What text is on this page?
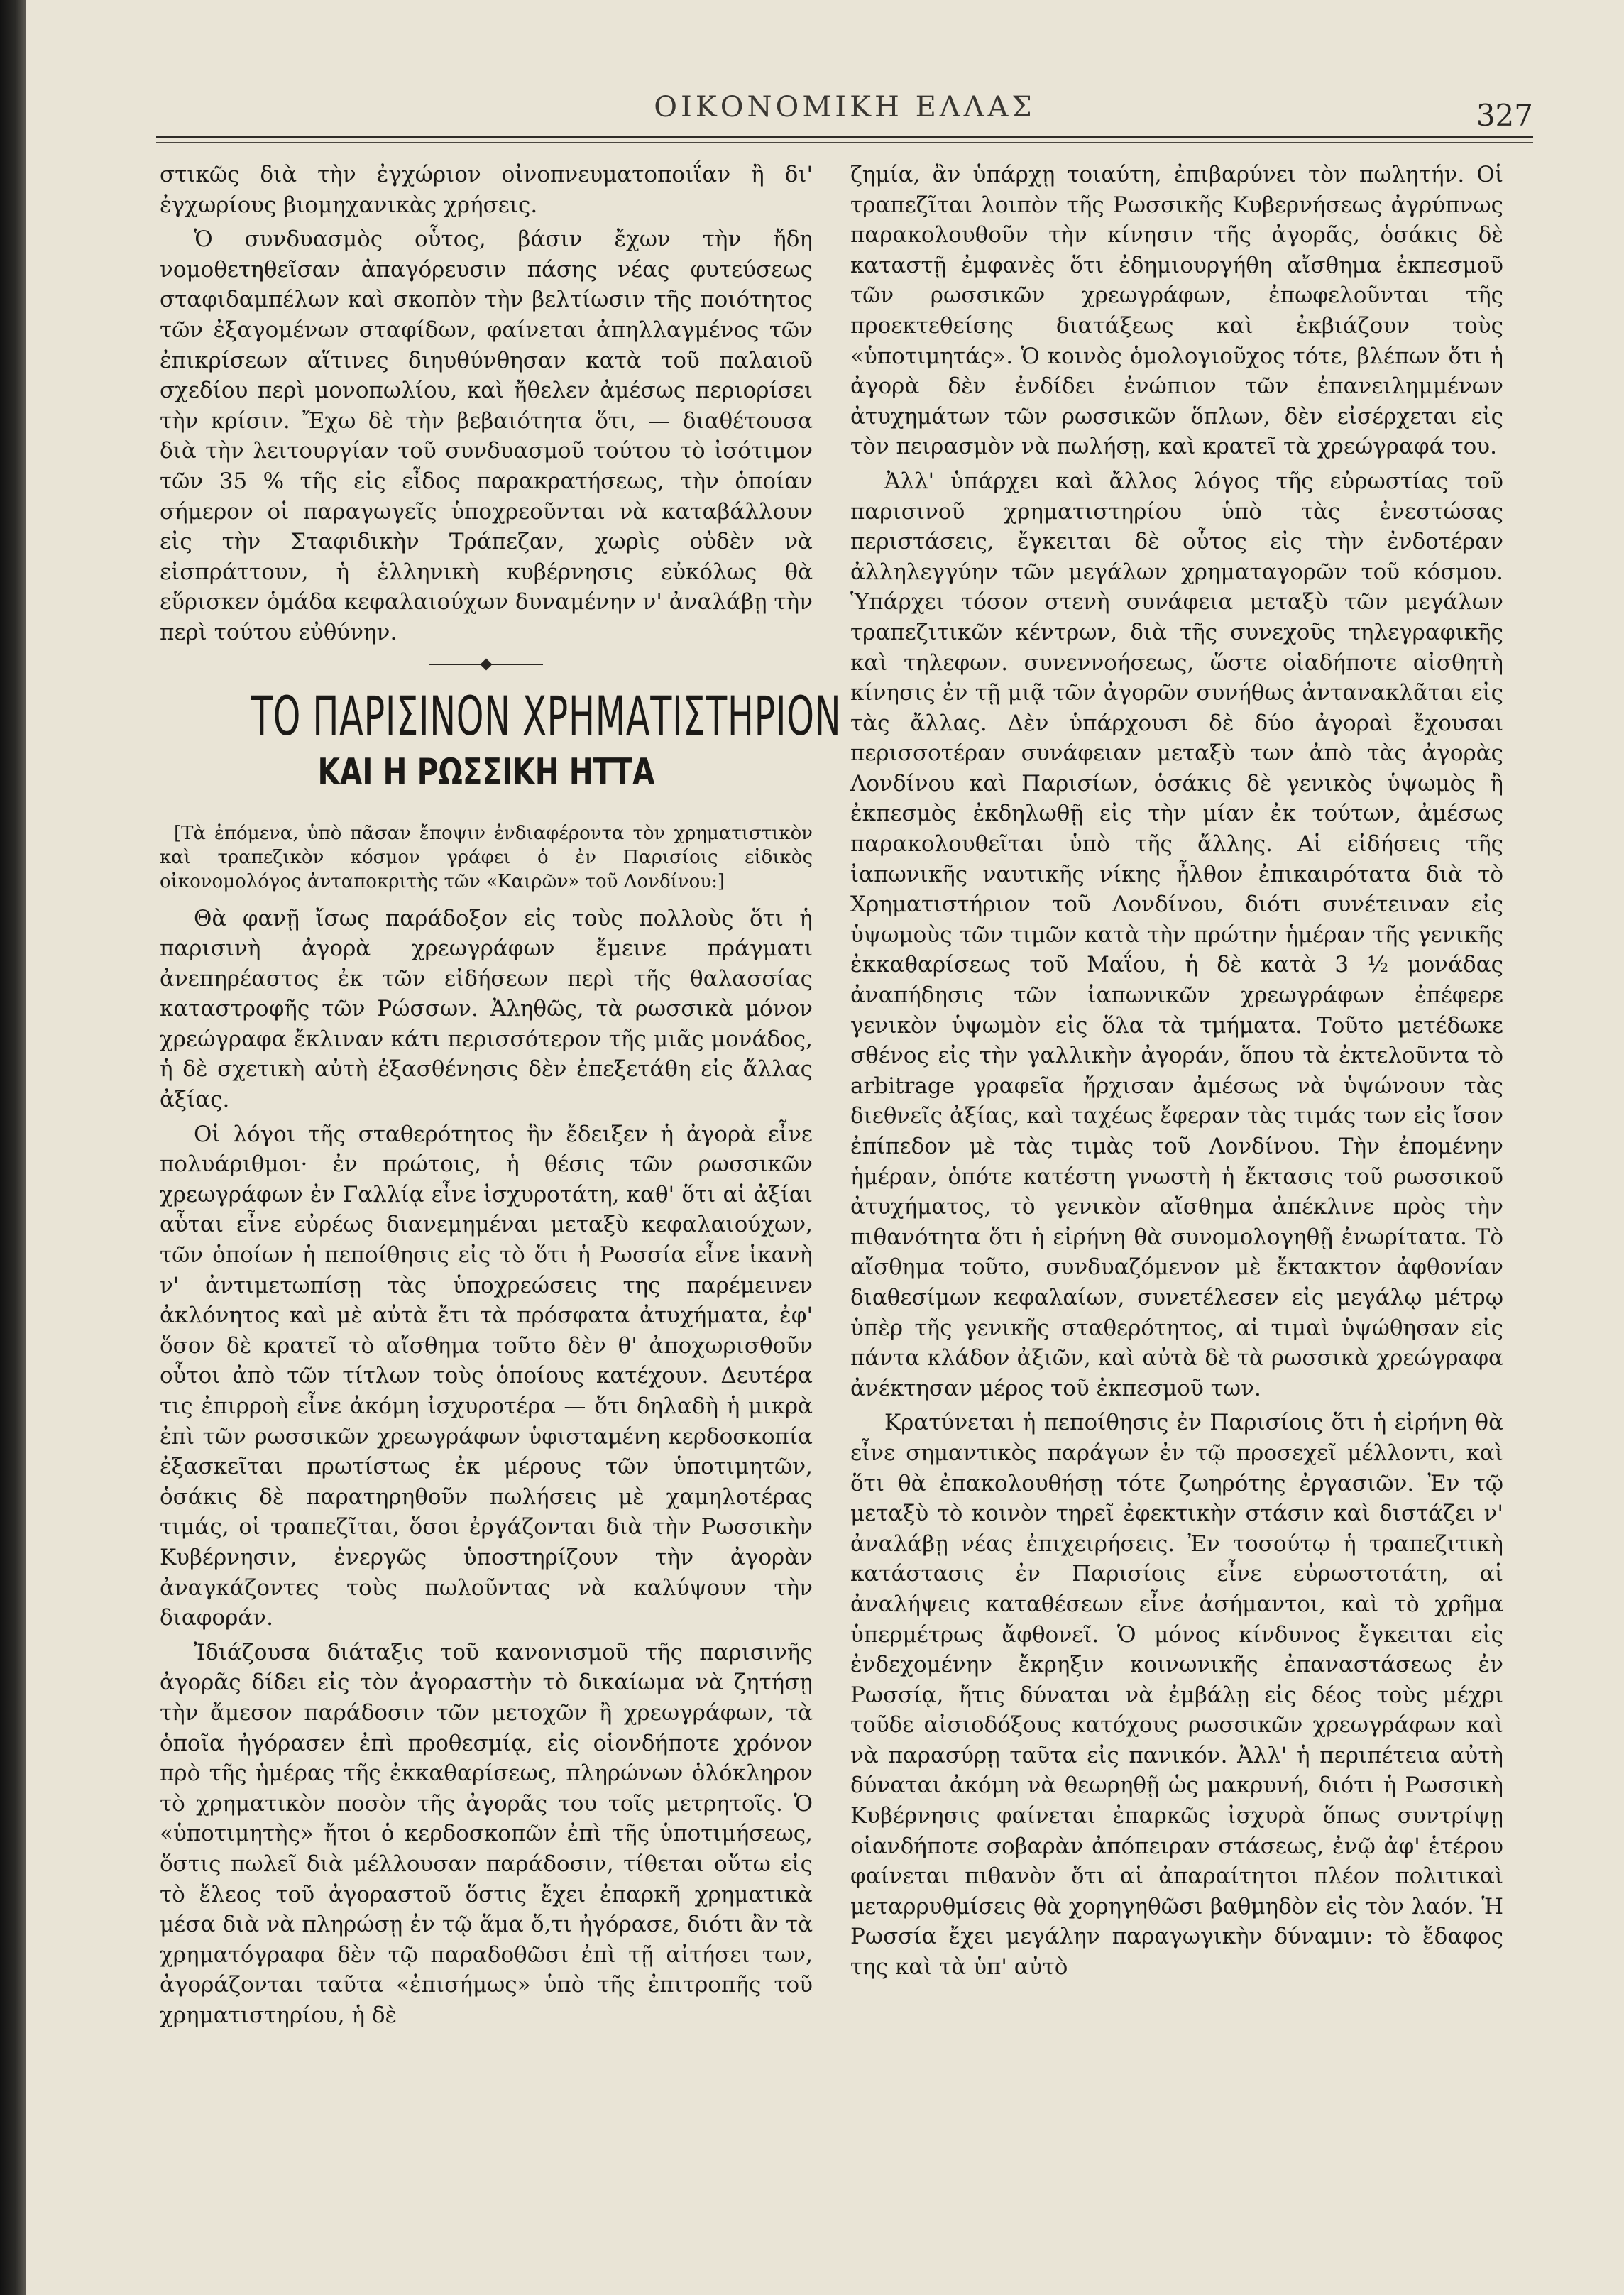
ΟΙΚΟΝΟΜΙΚΗ ΕΛΛΑΣ	327

στικῶς διὰ τὴν ἐγχώριον οἰνοπνευματοποιΐαν ἢ δι' ἐγχωρίους βιομηχανικὰς χρήσεις.

Ὁ συνδυασμὸς οὗτος, βάσιν ἔχων τὴν ἤδη νομοθετηθεῖσαν ἀπαγόρευσιν πάσης νέας φυτεύσεως σταφιδαμπέλων καὶ σκοπὸν τὴν βελτίωσιν τῆς ποιότητος τῶν ἐξαγομένων σταφίδων, φαίνεται ἀπηλλαγμένος τῶν ἐπικρίσεων αἵτινες διηυθύνθησαν κατὰ τοῦ παλαιοῦ σχεδίου περὶ μονοπωλίου, καὶ ἤθελεν ἀμέσως περιορίσει τὴν κρίσιν. Ἔχω δὲ τὴν βεβαιότητα ὅτι, — διαθέτουσα διὰ τὴν λειτουργίαν τοῦ συνδυασμοῦ τούτου τὸ ἰσότιμον τῶν 35 % τῆς εἰς εἶδος παρακρατήσεως, τὴν ὁποίαν σήμερον οἱ παραγωγεῖς ὑποχρεοῦνται νὰ καταβάλλουν εἰς τὴν Σταφιδικὴν Τράπεζαν, χωρὶς οὐδὲν νὰ εἰσπράττουν, ἡ ἑλληνικὴ κυβέρνησις εὐκόλως θὰ εὕρισκεν ὁμάδα κεφαλαιούχων δυναμένην ν' ἀναλάβῃ τὴν περὶ τούτου εὐθύνην.

ΤΟ ΠΑΡΙΣΙΝΟΝ ΧΡΗΜΑΤΙΣΤΗΡΙΟΝ
ΚΑΙ Η ΡΩΣΣΙΚΗ ΗΤΤΑ

[Τὰ ἑπόμενα, ὑπὸ πᾶσαν ἔποψιν ἐνδιαφέροντα τὸν χρηματιστικὸν καὶ τραπεζικὸν κόσμον γράφει ὁ ἐν Παρισίοις εἰδικὸς οἰκονομολόγος ἀνταποκριτὴς τῶν «Καιρῶν» τοῦ Λονδίνου:]

Θὰ φανῇ ἴσως παράδοξον εἰς τοὺς πολλοὺς ὅτι ἡ παρισινὴ ἀγορὰ χρεωγράφων ἔμεινε πράγματι ἀνεπηρέαστος ἐκ τῶν εἰδήσεων περὶ τῆς θαλασσίας καταστροφῆς τῶν Ρώσσων. Ἀληθῶς, τὰ ρωσσικὰ μόνον χρεώγραφα ἔκλιναν κάτι περισσότερον τῆς μιᾶς μονάδος, ἡ δὲ σχετικὴ αὐτὴ ἐξασθένησις δὲν ἐπεξετάθη εἰς ἄλλας ἀξίας.

Οἱ λόγοι τῆς σταθερότητος ἣν ἔδειξεν ἡ ἀγορὰ εἶνε πολυάριθμοι· ἐν πρώτοις, ἡ θέσις τῶν ρωσσικῶν χρεωγράφων ἐν Γαλλίᾳ εἶνε ἰσχυροτάτη, καθ' ὅτι αἱ ἀξίαι αὗται εἶνε εὐρέως διανεμημέναι μεταξὺ κεφαλαιούχων, τῶν ὁποίων ἡ πεποίθησις εἰς τὸ ὅτι ἡ Ρωσσία εἶνε ἱκανὴ ν' ἀντιμετωπίσῃ τὰς ὑποχρεώσεις της παρέμεινεν ἀκλόνητος καὶ μὲ αὐτὰ ἔτι τὰ πρόσφατα ἀτυχήματα, ἐφ' ὅσον δὲ κρατεῖ τὸ αἴσθημα τοῦτο δὲν θ' ἀποχωρισθοῦν οὗτοι ἀπὸ τῶν τίτλων τοὺς ὁποίους κατέχουν. Δευτέρα τις ἐπιρροὴ εἶνε ἀκόμη ἰσχυροτέρα — ὅτι δηλαδὴ ἡ μικρὰ ἐπὶ τῶν ρωσσικῶν χρεωγράφων ὑφισταμένη κερδοσκοπία ἐξασκεῖται πρωτίστως ἐκ μέρους τῶν ὑποτιμητῶν, ὁσάκις δὲ παρατηρηθοῦν πωλήσεις μὲ χαμηλοτέρας τιμάς, οἱ τραπεζῖται, ὅσοι ἐργάζονται διὰ τὴν Ρωσσικὴν Κυβέρνησιν, ἐνεργῶς ὑποστηρίζουν τὴν ἀγορὰν ἀναγκάζοντες τοὺς πωλοῦντας νὰ καλύψουν τὴν διαφοράν.

Ἰδιάζουσα διάταξις τοῦ κανονισμοῦ τῆς παρισινῆς ἀγορᾶς δίδει εἰς τὸν ἀγοραστὴν τὸ δικαίωμα νὰ ζητήσῃ τὴν ἄμεσον παράδοσιν τῶν μετοχῶν ἢ χρεωγράφων, τὰ ὁποῖα ἠγόρασεν ἐπὶ προθεσμίᾳ, εἰς οἱονδήποτε χρόνον πρὸ τῆς ἡμέρας τῆς ἐκκαθαρίσεως, πληρώνων ὁλόκληρον τὸ χρηματικὸν ποσὸν τῆς ἀγορᾶς του τοῖς μετρητοῖς. Ὁ «ὑποτιμητὴς» ἤτοι ὁ κερδοσκοπῶν ἐπὶ τῆς ὑποτιμήσεως, ὅστις πωλεῖ διὰ μέλλουσαν παράδοσιν, τίθεται οὕτω εἰς τὸ ἔλεος τοῦ ἀγοραστοῦ ὅστις ἔχει ἐπαρκῆ χρηματικὰ μέσα διὰ νὰ πληρώσῃ ἐν τῷ ἅμα ὅ,τι ἠγόρασε, διότι ἂν τὰ χρηματόγραφα δὲν τῷ παραδοθῶσι ἐπὶ τῇ αἰτήσει των, ἀγοράζονται ταῦτα «ἐπισήμως» ὑπὸ τῆς ἐπιτροπῆς τοῦ χρηματιστηρίου, ἡ δὲ

ζημία, ἂν ὑπάρχῃ τοιαύτη, ἐπιβαρύνει τὸν πωλητήν. Οἱ τραπεζῖται λοιπὸν τῆς Ρωσσικῆς Κυβερνήσεως ἀγρύπνως παρακολουθοῦν τὴν κίνησιν τῆς ἀγορᾶς, ὁσάκις δὲ καταστῇ ἐμφανὲς ὅτι ἐδημιουργήθη αἴσθημα ἐκπεσμοῦ τῶν ρωσσικῶν χρεωγράφων, ἐπωφελοῦνται τῆς προεκτεθείσης διατάξεως καὶ ἐκβιάζουν τοὺς «ὑποτιμητάς». Ὁ κοινὸς ὁμολογιοῦχος τότε, βλέπων ὅτι ἡ ἀγορὰ δὲν ἐνδίδει ἐνώπιον τῶν ἐπανειλημμένων ἀτυχημάτων τῶν ρωσσικῶν ὅπλων, δὲν εἰσέρχεται εἰς τὸν πειρασμὸν νὰ πωλήσῃ, καὶ κρατεῖ τὰ χρεώγραφά του.

Ἀλλ' ὑπάρχει καὶ ἄλλος λόγος τῆς εὐρωστίας τοῦ παρισινοῦ χρηματιστηρίου ὑπὸ τὰς ἐνεστώσας περιστάσεις, ἔγκειται δὲ οὗτος εἰς τὴν ἐνδοτέραν ἀλληλεγγύην τῶν μεγάλων χρηματαγορῶν τοῦ κόσμου. Ὑπάρχει τόσον στενὴ συνάφεια μεταξὺ τῶν μεγάλων τραπεζιτικῶν κέντρων, διὰ τῆς συνεχοῦς τηλεγραφικῆς καὶ τηλεφων. συνεννοήσεως, ὥστε οἱαδήποτε αἰσθητὴ κίνησις ἐν τῇ μιᾷ τῶν ἀγορῶν συνήθως ἀντανακλᾶται εἰς τὰς ἄλλας. Δὲν ὑπάρχουσι δὲ δύο ἀγοραὶ ἔχουσαι περισσοτέραν συνάφειαν μεταξὺ των ἀπὸ τὰς ἀγορὰς Λονδίνου καὶ Παρισίων, ὁσάκις δὲ γενικὸς ὑψωμὸς ἢ ἐκπεσμὸς ἐκδηλωθῇ εἰς τὴν μίαν ἐκ τούτων, ἀμέσως παρακολουθεῖται ὑπὸ τῆς ἄλλης. Αἱ εἰδήσεις τῆς ἰαπωνικῆς ναυτικῆς νίκης ἦλθον ἐπικαιρότατα διὰ τὸ Χρηματιστήριον τοῦ Λονδίνου, διότι συνέτειναν εἰς ὑψωμοὺς τῶν τιμῶν κατὰ τὴν πρώτην ἡμέραν τῆς γενικῆς ἐκκαθαρίσεως τοῦ Μαΐου, ἡ δὲ κατὰ 3 ½ μονάδας ἀναπήδησις τῶν ἰαπωνικῶν χρεωγράφων ἐπέφερε γενικὸν ὑψωμὸν εἰς ὅλα τὰ τμήματα. Τοῦτο μετέδωκε σθένος εἰς τὴν γαλλικὴν ἀγοράν, ὅπου τὰ ἐκτελοῦντα τὸ arbitrage γραφεῖα ἤρχισαν ἀμέσως νὰ ὑψώνουν τὰς διεθνεῖς ἀξίας, καὶ ταχέως ἔφεραν τὰς τιμάς των εἰς ἴσον ἐπίπεδον μὲ τὰς τιμὰς τοῦ Λονδίνου. Τὴν ἐπομένην ἡμέραν, ὁπότε κατέστη γνωστὴ ἡ ἔκτασις τοῦ ρωσσικοῦ ἀτυχήματος, τὸ γενικὸν αἴσθημα ἀπέκλινε πρὸς τὴν πιθανότητα ὅτι ἡ εἰρήνη θὰ συνομολογηθῇ ἐνωρίτατα. Τὸ αἴσθημα τοῦτο, συνδυαζόμενον μὲ ἔκτακτον ἀφθονίαν διαθεσίμων κεφαλαίων, συνετέλεσεν εἰς μεγάλῳ μέτρῳ ὑπὲρ τῆς γενικῆς σταθερότητος, αἱ τιμαὶ ὑψώθησαν εἰς πάντα κλάδον ἀξιῶν, καὶ αὐτὰ δὲ τὰ ρωσσικὰ χρεώγραφα ἀνέκτησαν μέρος τοῦ ἐκπεσμοῦ των.

Κρατύνεται ἡ πεποίθησις ἐν Παρισίοις ὅτι ἡ εἰρήνη θὰ εἶνε σημαντικὸς παράγων ἐν τῷ προσεχεῖ μέλλοντι, καὶ ὅτι θὰ ἐπακολουθήσῃ τότε ζωηρότης ἐργασιῶν. Ἐν τῷ μεταξὺ τὸ κοινὸν τηρεῖ ἐφεκτικὴν στάσιν καὶ διστάζει ν' ἀναλάβῃ νέας ἐπιχειρήσεις. Ἐν τοσούτῳ ἡ τραπεζιτικὴ κατάστασις ἐν Παρισίοις εἶνε εὐρωστοτάτη, αἱ ἀναλήψεις καταθέσεων εἶνε ἀσήμαντοι, καὶ τὸ χρῆμα ὑπερμέτρως ἄφθονεῖ. Ὁ μόνος κίνδυνος ἔγκειται εἰς ἐνδεχομένην ἔκρηξιν κοινωνικῆς ἐπαναστάσεως ἐν Ρωσσίᾳ, ἥτις δύναται νὰ ἐμβάλῃ εἰς δέος τοὺς μέχρι τοῦδε αἰσιοδόξους κατόχους ρωσσικῶν χρεωγράφων καὶ νὰ παρασύρῃ ταῦτα εἰς πανικόν. Ἀλλ' ἡ περιπέτεια αὐτὴ δύναται ἀκόμη νὰ θεωρηθῇ ὡς μακρυνή, διότι ἡ Ρωσσικὴ Κυβέρνησις φαίνεται ἐπαρκῶς ἰσχυρὰ ὅπως συντρίψῃ οἱανδήποτε σοβαρὰν ἀπόπειραν στάσεως, ἐνῷ ἀφ' ἑτέρου φαίνεται πιθανὸν ὅτι αἱ ἀπαραίτητοι πλέον πολιτικαὶ μεταρρυθμίσεις θὰ χορηγηθῶσι βαθμηδὸν εἰς τὸν λαόν. Ἡ Ρωσσία ἔχει μεγάλην παραγωγικὴν δύναμιν: τὸ ἔδαφος της καὶ τὰ ὑπ' αὐτὸ
